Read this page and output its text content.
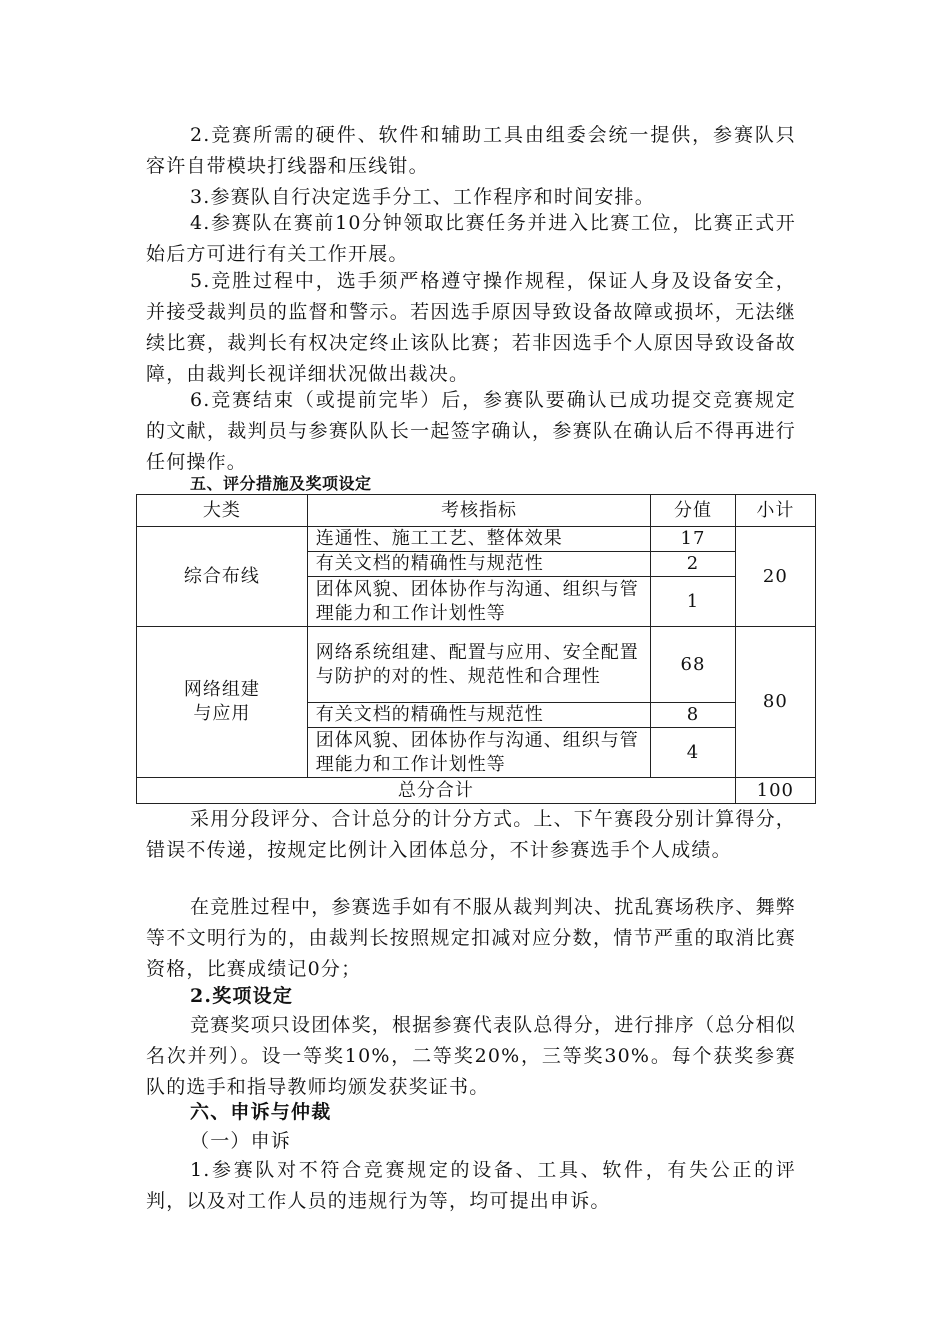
2.竞赛所需的硬件、软件和辅助工具由组委会统一提供，参赛队只容许自带模块打线器和压线钳。

3.参赛队自行决定选手分工、工作程序和时间安排。

4.参赛队在赛前10分钟领取比赛任务并进入比赛工位，比赛正式开始后方可进行有关工作开展。

5.竞胜过程中，选手须严格遵守操作规程，保证人身及设备安全，并接受裁判员的监督和警示。若因选手原因导致设备故障或损坏，无法继续比赛，裁判长有权决定终止该队比赛；若非因选手个人原因导致设备故障，由裁判长视详细状况做出裁决。

6.竞赛结束（或提前完毕）后，参赛队要确认已成功提交竞赛规定的文献，裁判员与参赛队队长一起签字确认，参赛队在确认后不得再进行任何操作。

五、评分措施及奖项设定

大类	考核指标	分值	小计
综合布线	连通性、施工工艺、整体效果	17	20
	有关文档的精确性与规范性	2	
	团体风貌、团体协作与沟通、组织与管理能力和工作计划性等	1	

网络组建
与应用	网络系统组建、配置与应用、安全配置与防护的对的性、规范性和合理性	68	80
	有关文档的精确性与规范性	8	
	团体风貌、团体协作与沟通、组织与管理能力和工作计划性等	4	
总分合计			100

采用分段评分、合计总分的计分方式。上、下午赛段分别计算得分，错误不传递，按规定比例计入团体总分，不计参赛选手个人成绩。

在竞胜过程中，参赛选手如有不服从裁判判决、扰乱赛场秩序、舞弊等不文明行为的，由裁判长按照规定扣减对应分数，情节严重的取消比赛资格，比赛成绩记0分；

2.奖项设定

竞赛奖项只设团体奖，根据参赛代表队总得分，进行排序（总分相似名次并列）。设一等奖10%，二等奖20%，三等奖30%。每个获奖参赛队的选手和指导教师均颁发获奖证书。

六、申诉与仲裁

（一）申诉

1.参赛队对不符合竞赛规定的设备、工具、软件，有失公正的评判，以及对工作人员的违规行为等，均可提出申诉。
